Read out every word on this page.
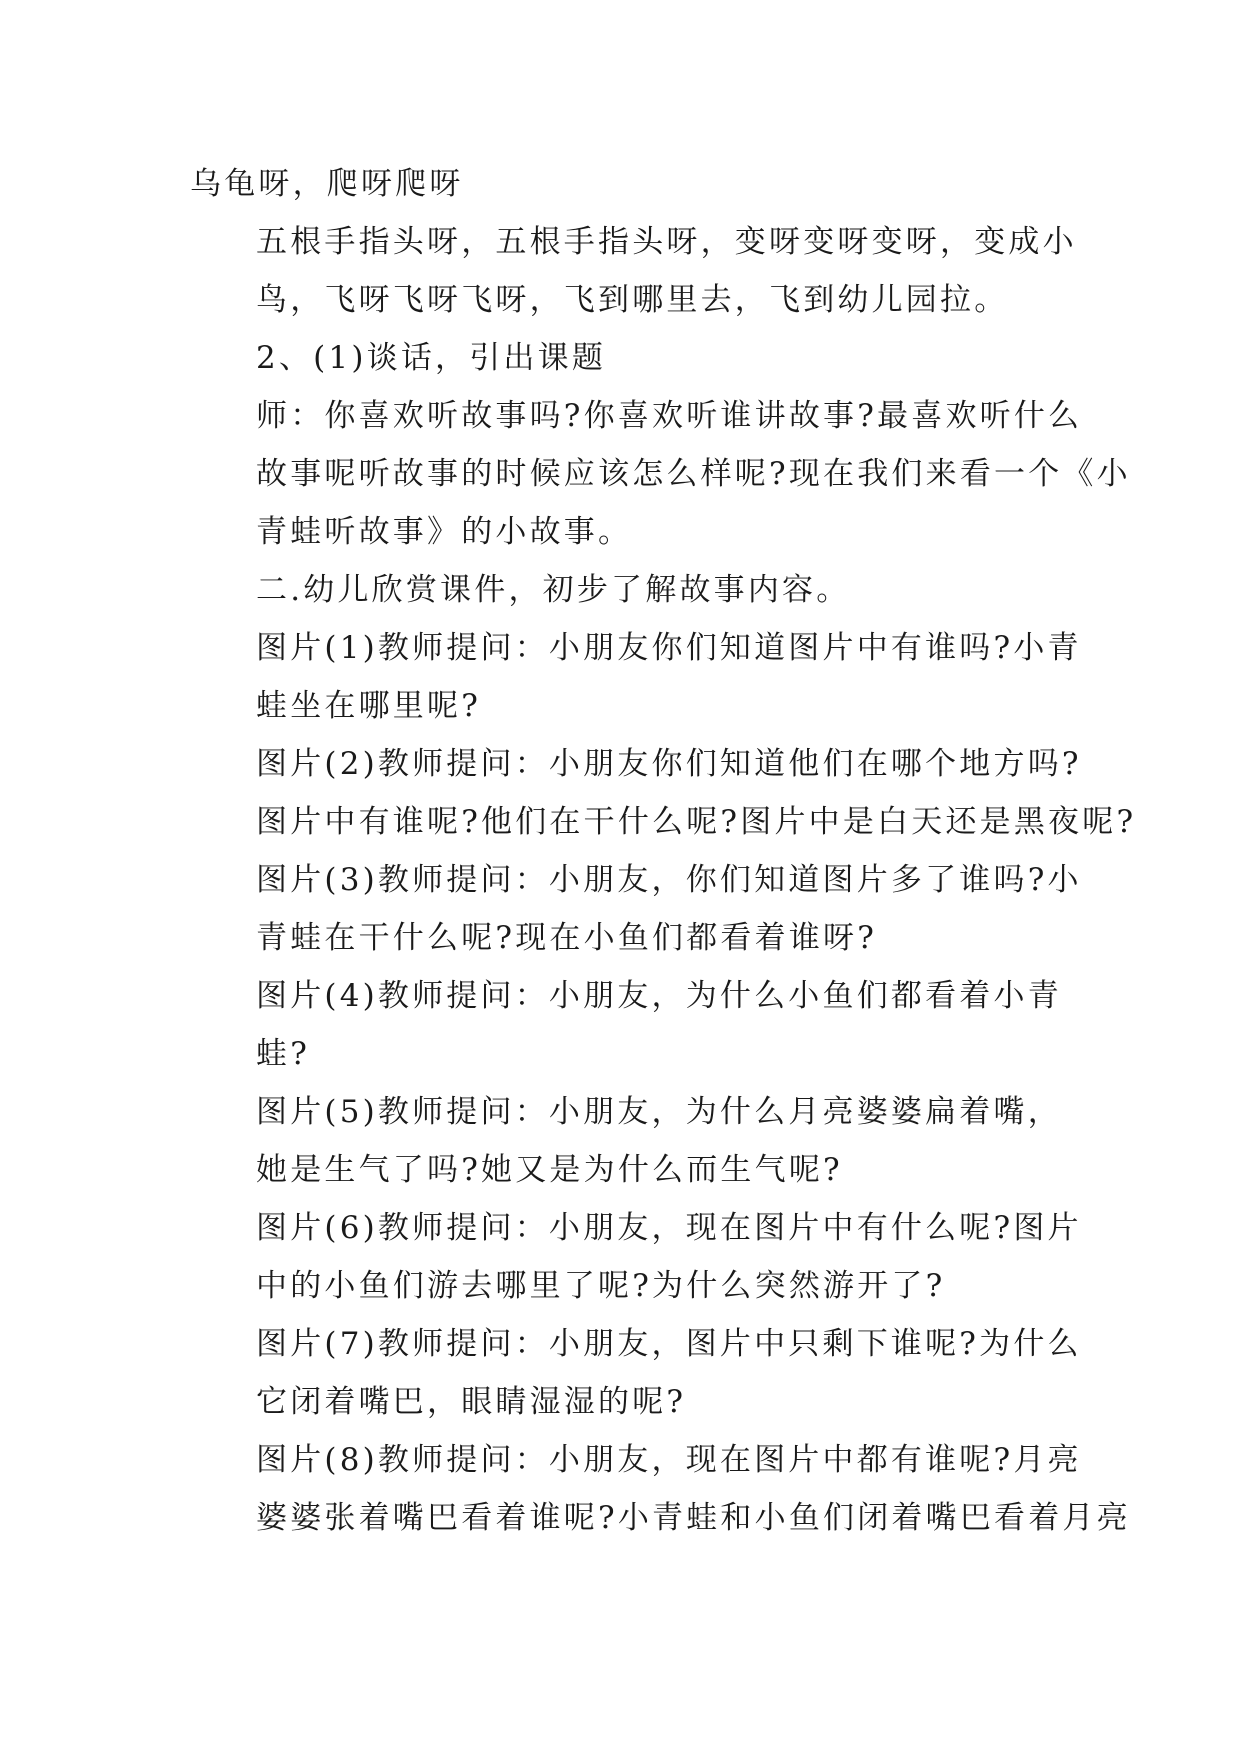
乌龟呀，爬呀爬呀

五根手指头呀，五根手指头呀，变呀变呀变呀，变成小
鸟，飞呀飞呀飞呀，飞到哪里去，飞到幼儿园拉。

2、(1)谈话，引出课题

师：你喜欢听故事吗?你喜欢听谁讲故事?最喜欢听什么
故事呢听故事的时候应该怎么样呢?现在我们来看一个《小
青蛙听故事》的小故事。

二.幼儿欣赏课件，初步了解故事内容。

图片(1)教师提问：小朋友你们知道图片中有谁吗?小青
蛙坐在哪里呢?

图片(2)教师提问：小朋友你们知道他们在哪个地方吗?
图片中有谁呢?他们在干什么呢?图片中是白天还是黑夜呢?

图片(3)教师提问：小朋友，你们知道图片多了谁吗?小
青蛙在干什么呢?现在小鱼们都看着谁呀?

图片(4)教师提问：小朋友，为什么小鱼们都看着小青
蛙?

图片(5)教师提问：小朋友，为什么月亮婆婆扁着嘴，
她是生气了吗?她又是为什么而生气呢?

图片(6)教师提问：小朋友，现在图片中有什么呢?图片
中的小鱼们游去哪里了呢?为什么突然游开了?

图片(7)教师提问：小朋友，图片中只剩下谁呢?为什么
它闭着嘴巴，眼睛湿湿的呢?

图片(8)教师提问：小朋友，现在图片中都有谁呢?月亮
婆婆张着嘴巴看着谁呢?小青蛙和小鱼们闭着嘴巴看着月亮
